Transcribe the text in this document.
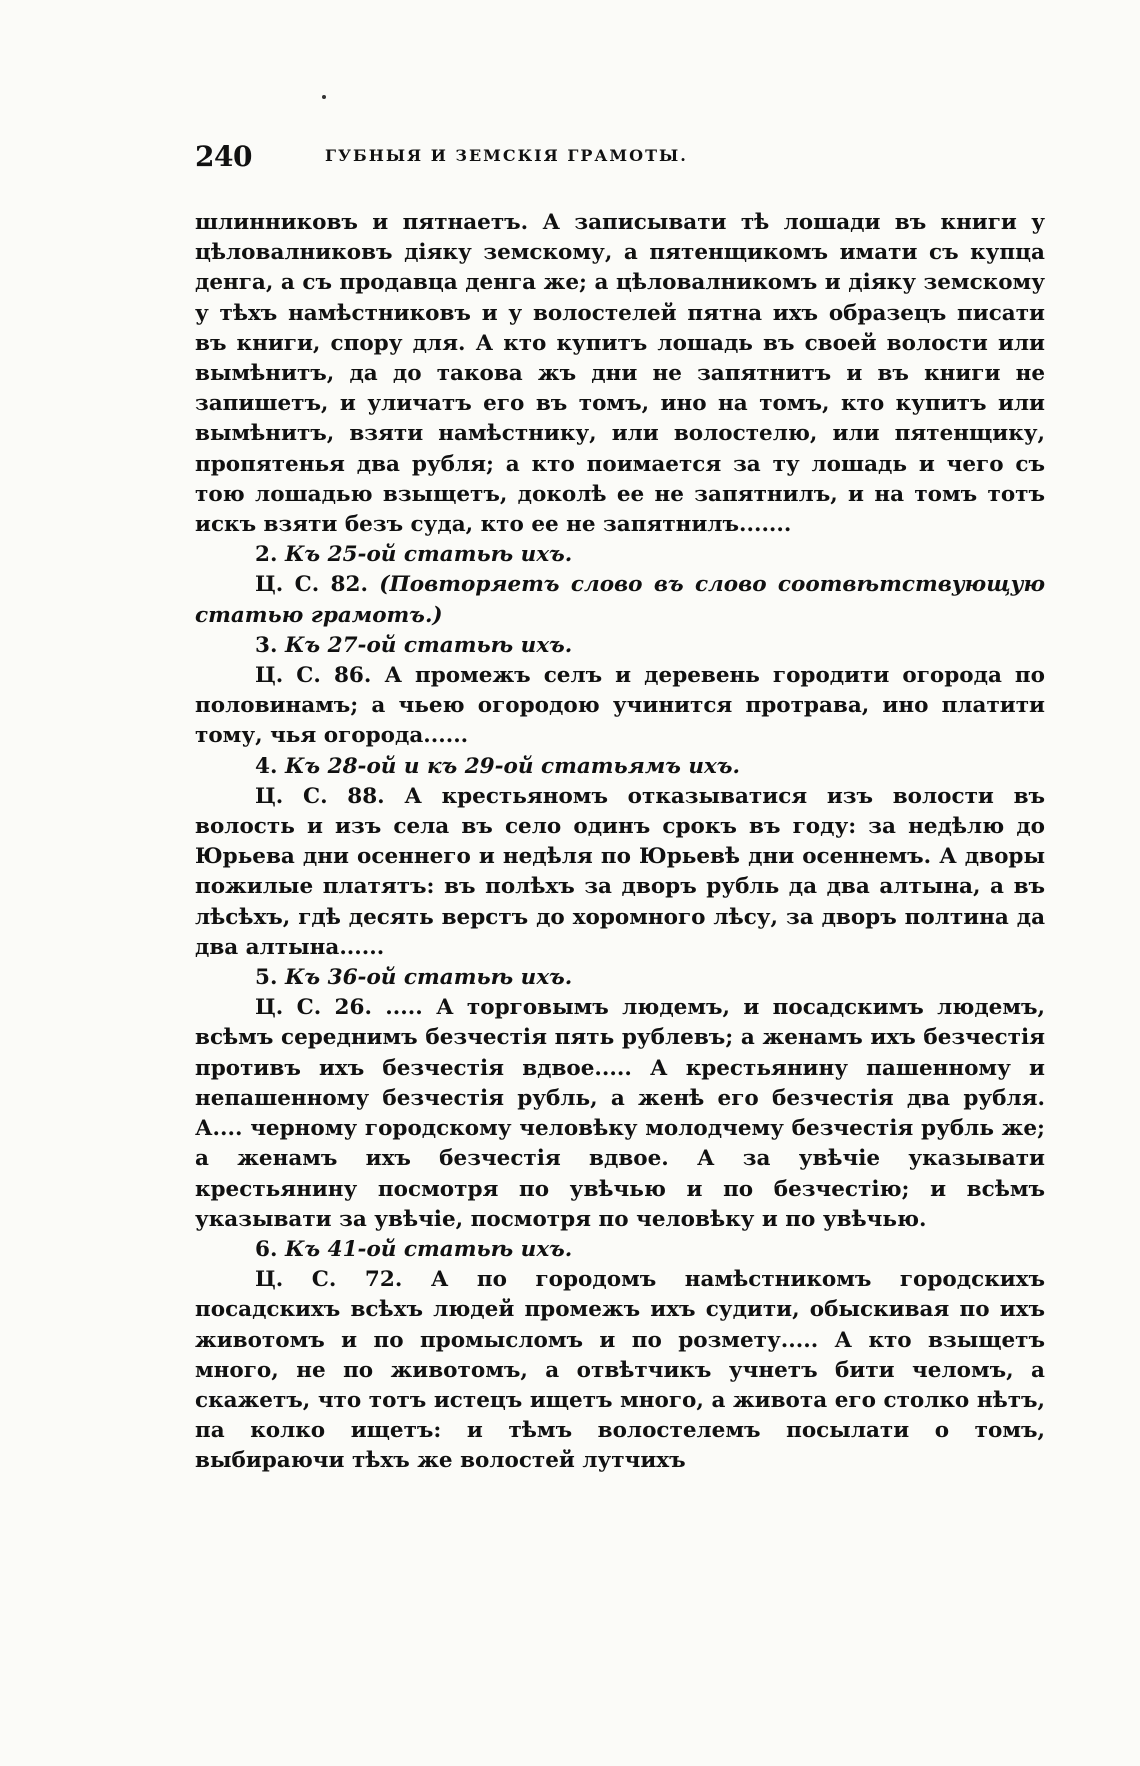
240	ГУБНЫЯ И ЗЕМСКІЯ ГРАМОТЫ.

шлинниковъ и пятнаетъ. А записывати тѣ лошади въ книги у цѣловалниковъ діяку земскому, а пятенщикомъ имати съ купца денга, а съ продавца денга же; а цѣловалникомъ и діяку земскому у тѣхъ намѣстниковъ и у волостелей пятна ихъ образецъ писати въ книги, спору для. А кто купитъ лошадь въ своей волости или вымѣнитъ, да до такова жъ дни не запятнитъ и въ книги не запишетъ, и уличатъ его въ томъ, ино на томъ, кто купитъ или вымѣнитъ, взяти намѣстнику, или волостелю, или пятенщику, пропятенья два рубля; а кто поимается за ту лошадь и чего съ тою лошадью взыщетъ, доколѣ ее не запятнилъ, и на томъ тотъ искъ взяти безъ суда, кто ее не запятнилъ.......

2. Къ 25-ой статьѣ ихъ.

Ц. С. 82. (Повторяетъ слово въ слово соотвѣтствующую статью грамотъ.)

3. Къ 27-ой статьѣ ихъ.

Ц. С. 86. А промежъ селъ и деревень городити огорода по половинамъ; а чьею огородою учинится протрава, ино платити тому, чья огорода......

4. Къ 28-ой и къ 29-ой статьямъ ихъ.

Ц. С. 88. А крестьяномъ отказыватися изъ волости въ волость и изъ села въ село одинъ срокъ въ году: за недѣлю до Юрьева дни осеннего и недѣля по Юрьевѣ дни осеннемъ. А дворы пожилые платятъ: въ полѣхъ за дворъ рубль да два алтына, а въ лѣсѣхъ, гдѣ десять верстъ до хоромного лѣсу, за дворъ полтина да два алтына......

5. Къ 36-ой статьѣ ихъ.

Ц. С. 26. ..... А торговымъ людемъ, и посадскимъ людемъ, всѣмъ середнимъ безчестія пять рублевъ; а женамъ ихъ безчестія противъ ихъ безчестія вдвое..... А крестьянину пашенному и непашенному безчестія рубль, а женѣ его безчестія два рубля. А.... черному городскому человѣку молодчему безчестія рубль же; а женамъ ихъ безчестія вдвое. А за увѣчіе указывати крестьянину посмотря по увѣчью и по безчестію; и всѣмъ указывати за увѣчіе, посмотря по человѣку и по увѣчью.

6. Къ 41-ой статьѣ ихъ.

Ц. С. 72. А по городомъ намѣстникомъ городскихъ посадскихъ всѣхъ людей промежъ ихъ судити, обыскивая по ихъ животомъ и по промысломъ и по розмету..... А кто взыщетъ много, не по животомъ, а отвѣтчикъ учнетъ бити челомъ, а скажетъ, что тотъ истецъ ищетъ много, а живота его столко нѣтъ, па колко ищетъ: и тѣмъ волостелемъ посылати о томъ, выбираючи тѣхъ же волостей лутчихъ
